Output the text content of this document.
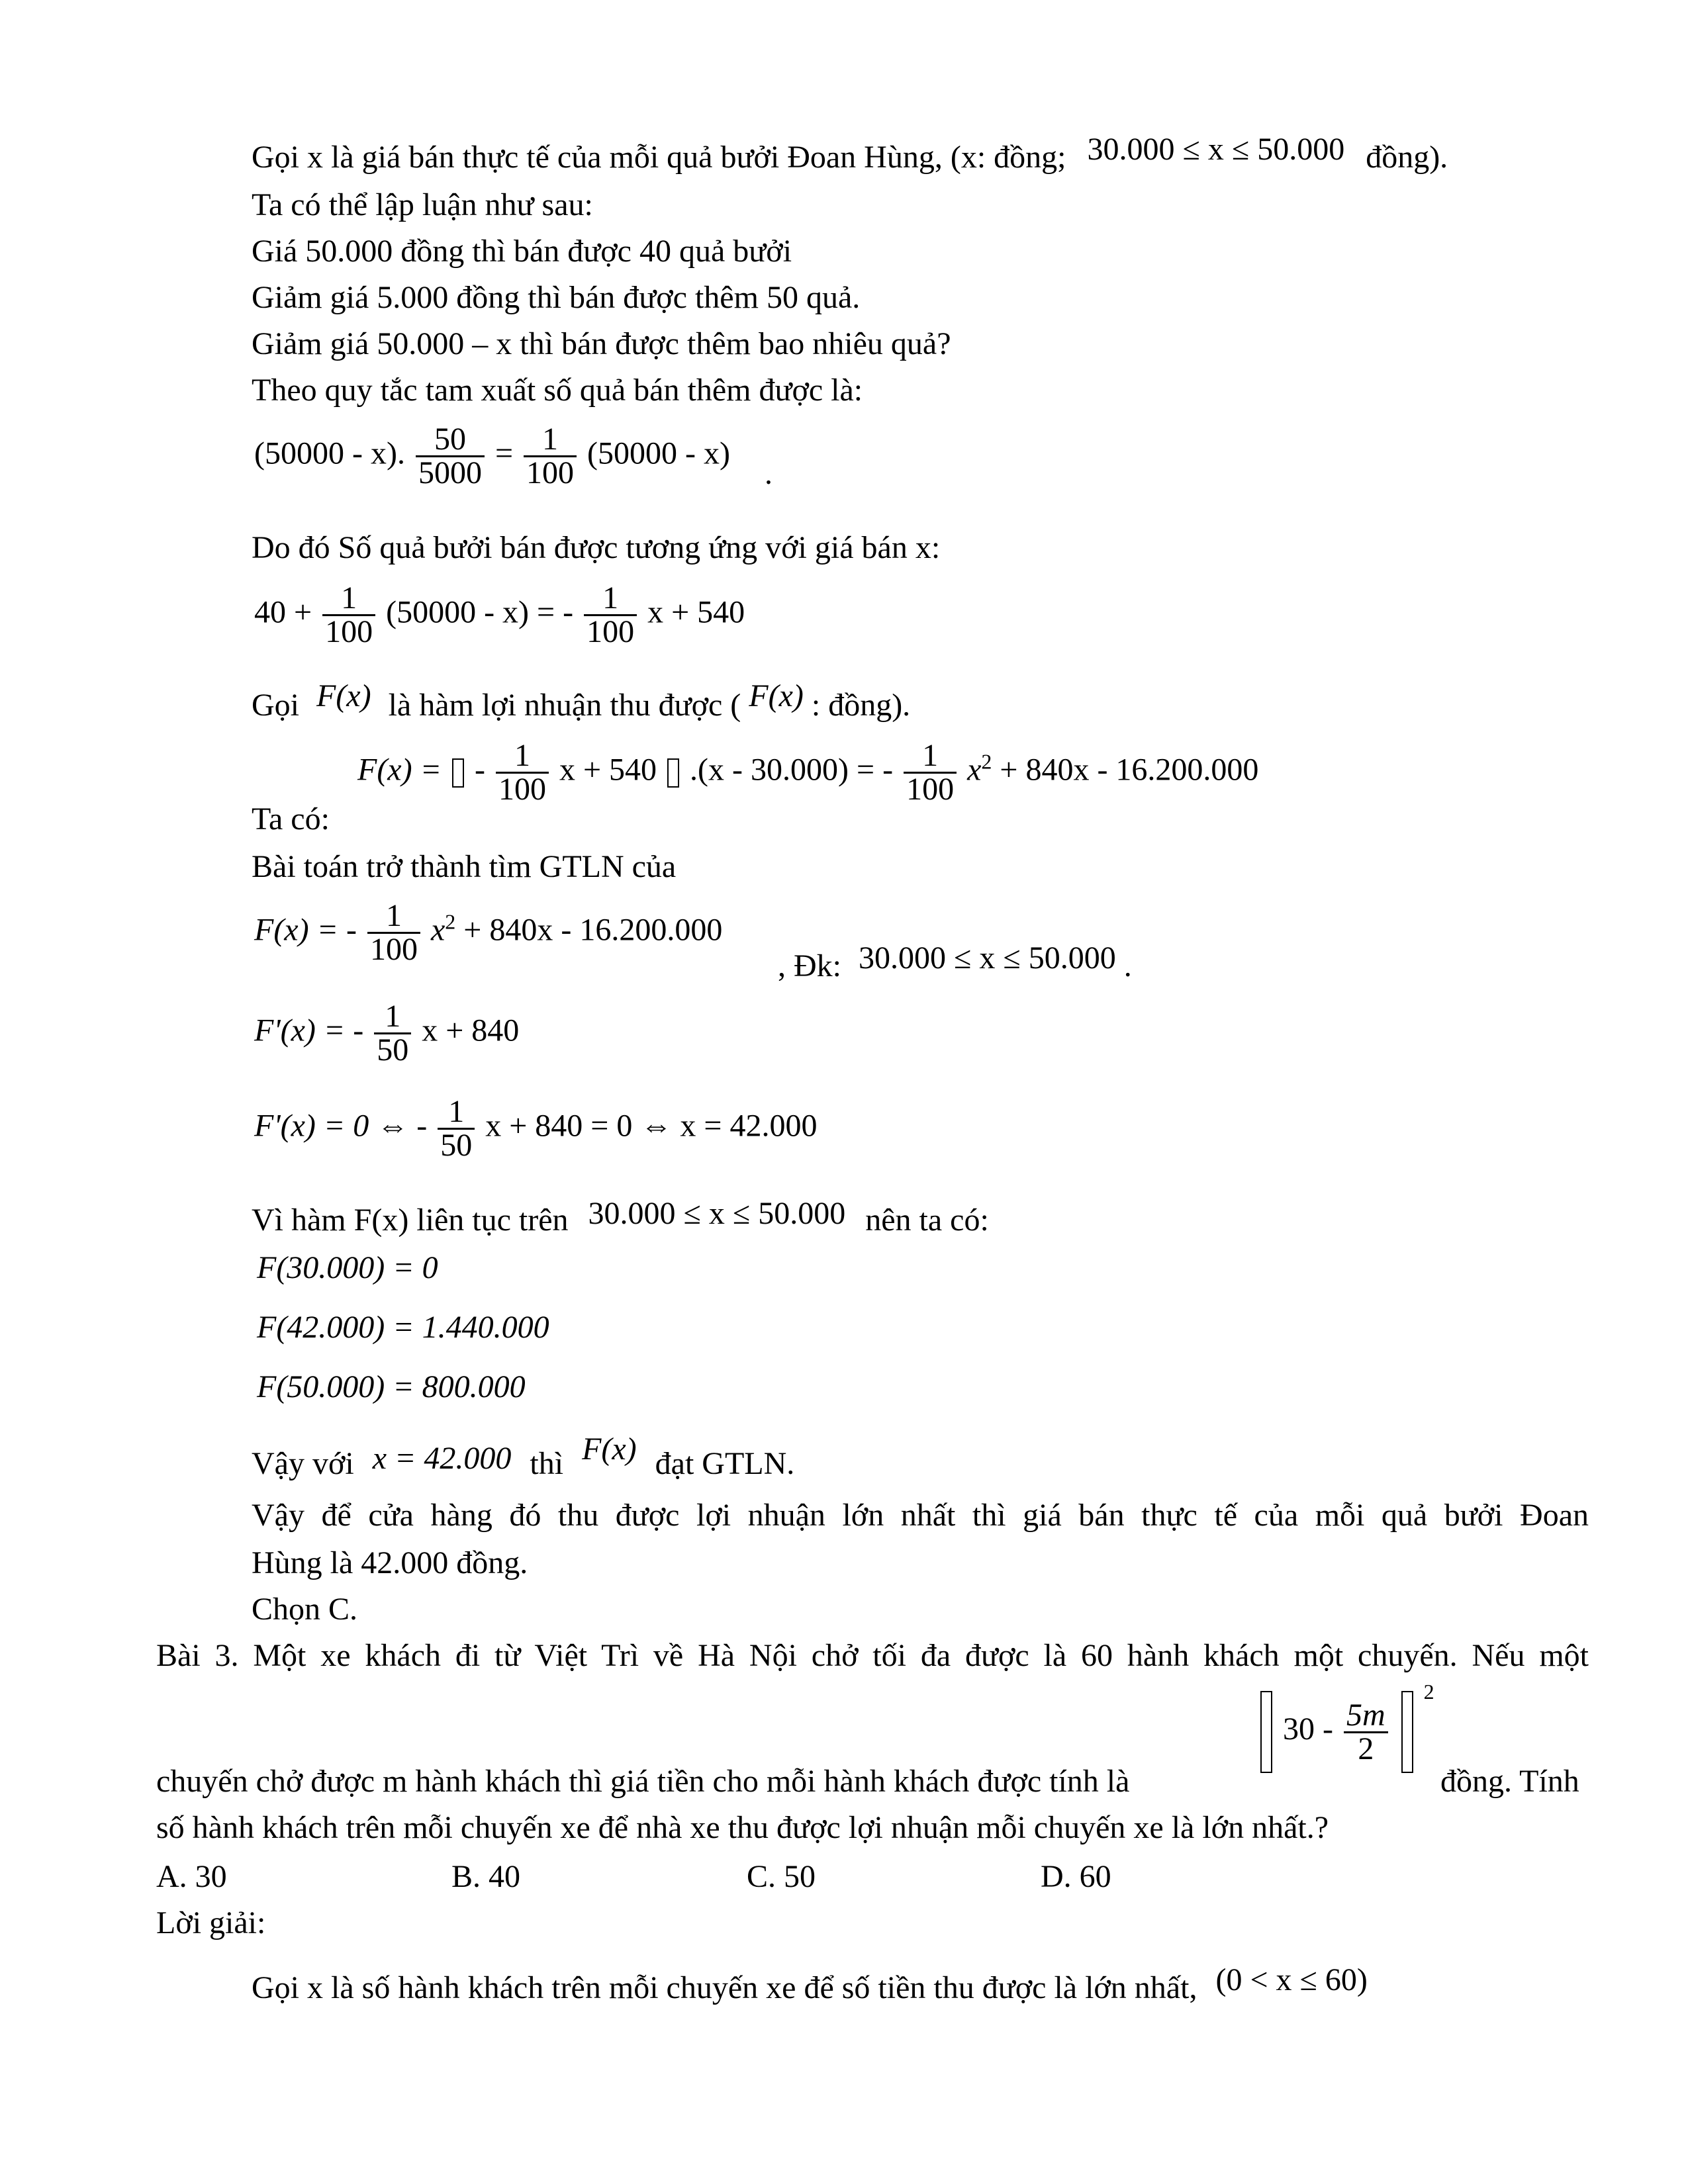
Gọi x là giá bán thực tế của mỗi quả bưởi Đoan Hùng, (x: đồng; 30.000 ≤ x ≤ 50.000 đồng).
Ta có thể lập luận như sau:
Giá 50.000 đồng thì bán được 40 quả bưởi
Giảm giá 5.000 đồng thì bán được thêm 50 quả.
Giảm giá 50.000 – x thì bán được thêm bao nhiêu quả?
Theo quy tắc tam xuất số quả bán thêm được là:
(50000 - x). $\frac{50}{5000} = \frac{1}{100} (50000 - x)$ .
Do đó Số quả bưởi bán được tương ứng với giá bán x:
$40 + \frac{1}{100} (50000 - x)$ = - $\frac{1}{100}$ x + 540
Gọi F(x) là hàm lợi nhuận thu được ( F(x) : đồng).
F(x) = - $\frac{1}{100}$ x + 540 .(x - 30.000) = - $\frac{1}{100} x^2 + 840x - 16.200.000$
Ta có:
Bài toán trở thành tìm GTLN của
F(x) = - $\frac{1}{100} x^2 + 840x - 16.200.000$
, Đk: 30.000 ≤ x ≤ 50.000 .
F'(x) = - $\frac{1}{50}$ x + 840
F'(x) = 0 ⇔ - $\frac{1}{50}$ x + 840 = 0 ⇔ x = 42.000
Vì hàm F(x) liên tục trên 30.000 ≤ x ≤ 50.000 nên ta có:
F(30.000) = 0
F(42.000) = 1.440.000
F(50.000) = 800.000
Vậy với x = 42.000 thì F(x) đạt GTLN.
Vậy để cửa hàng đó thu được lợi nhuận lớn nhất thì giá bán thực tế của mỗi quả bưởi Đoan
Hùng là 42.000 đồng.
Chọn C.
Bài 3. Một xe khách đi từ Việt Trì về Hà Nội chở tối đa được là 60 hành khách một chuyến. Nếu một
$30 - \frac{5m}{2}$
$^2$
chuyến chở được m hành khách thì giá tiền cho mỗi hành khách được tính là	đồng. Tính
số hành khách trên mỗi chuyến xe để nhà xe thu được lợi nhuận mỗi chuyến xe là lớn nhất.?
A. 30	B. 40	C. 50	D. 60
Lời giải:
Gọi x là số hành khách trên mỗi chuyến xe để số tiền thu được là lớn nhất, (0 < x ≤ 60)
